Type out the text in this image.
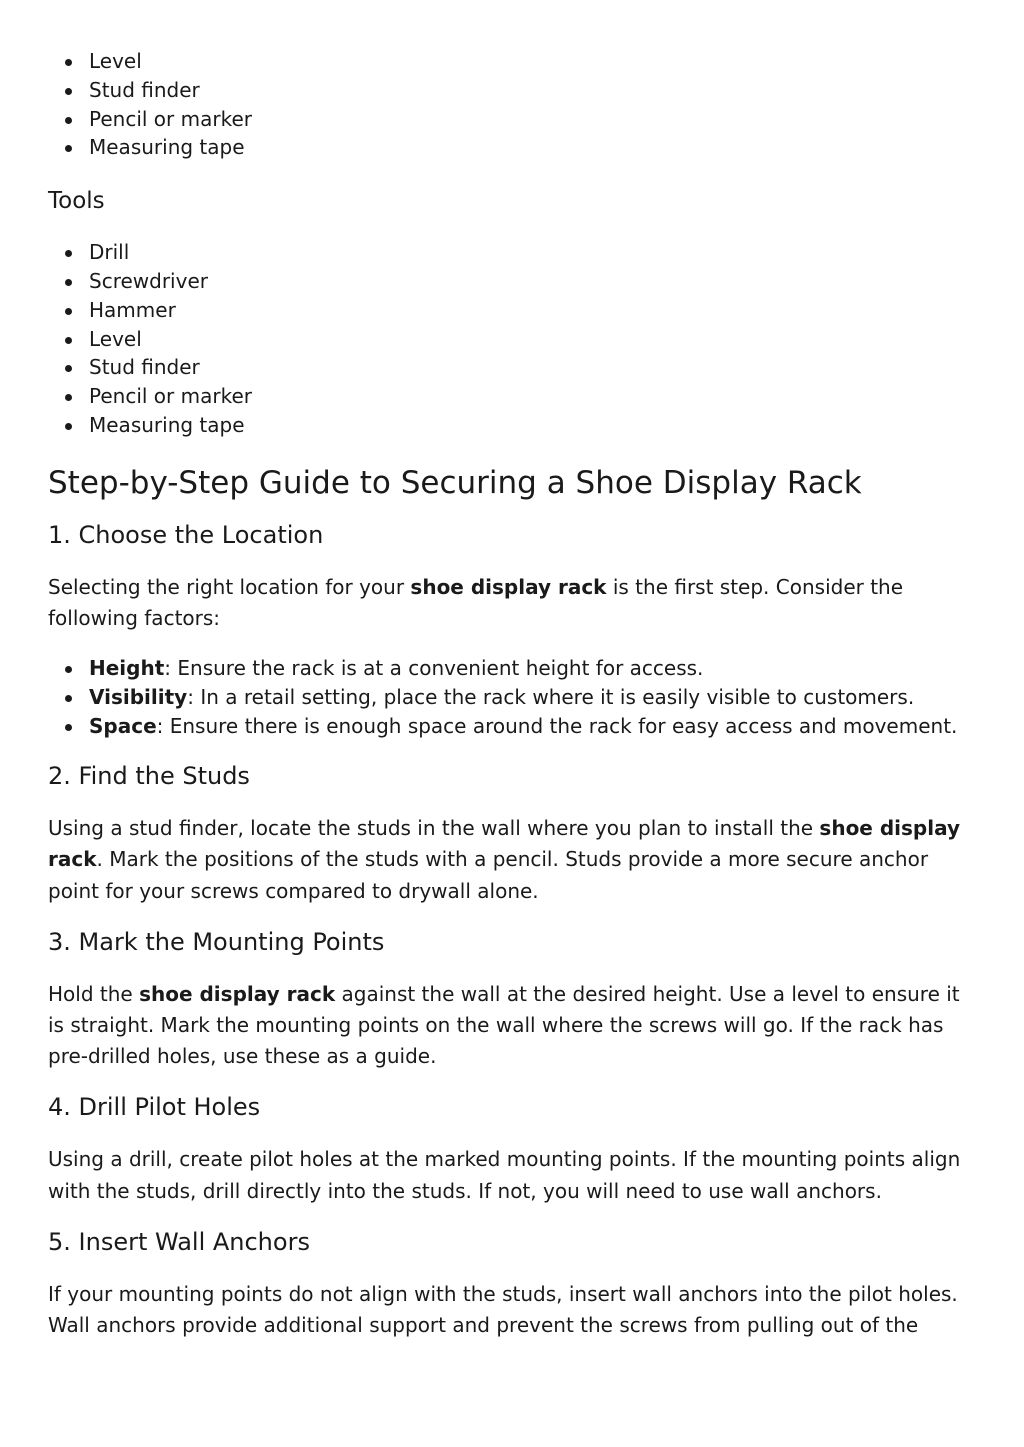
Level
Stud finder
Pencil or marker
Measuring tape
Tools
Drill
Screwdriver
Hammer
Level
Stud finder
Pencil or marker
Measuring tape
Step-by-Step Guide to Securing a Shoe Display Rack
1. Choose the Location

Selecting the right location for your shoe display rack is the first step. Consider the following factors:

Height: Ensure the rack is at a convenient height for access.
Visibility: In a retail setting, place the rack where it is easily visible to customers.
Space: Ensure there is enough space around the rack for easy access and movement.
2. Find the Studs

Using a stud finder, locate the studs in the wall where you plan to install the shoe display rack. Mark the positions of the studs with a pencil. Studs provide a more secure anchor point for your screws compared to drywall alone.

3. Mark the Mounting Points

Hold the shoe display rack against the wall at the desired height. Use a level to ensure it is straight. Mark the mounting points on the wall where the screws will go. If the rack has pre-drilled holes, use these as a guide.

4. Drill Pilot Holes

Using a drill, create pilot holes at the marked mounting points. If the mounting points align with the studs, drill directly into the studs. If not, you will need to use wall anchors.

5. Insert Wall Anchors

If your mounting points do not align with the studs, insert wall anchors into the pilot holes. Wall anchors provide additional support and prevent the screws from pulling out of the
